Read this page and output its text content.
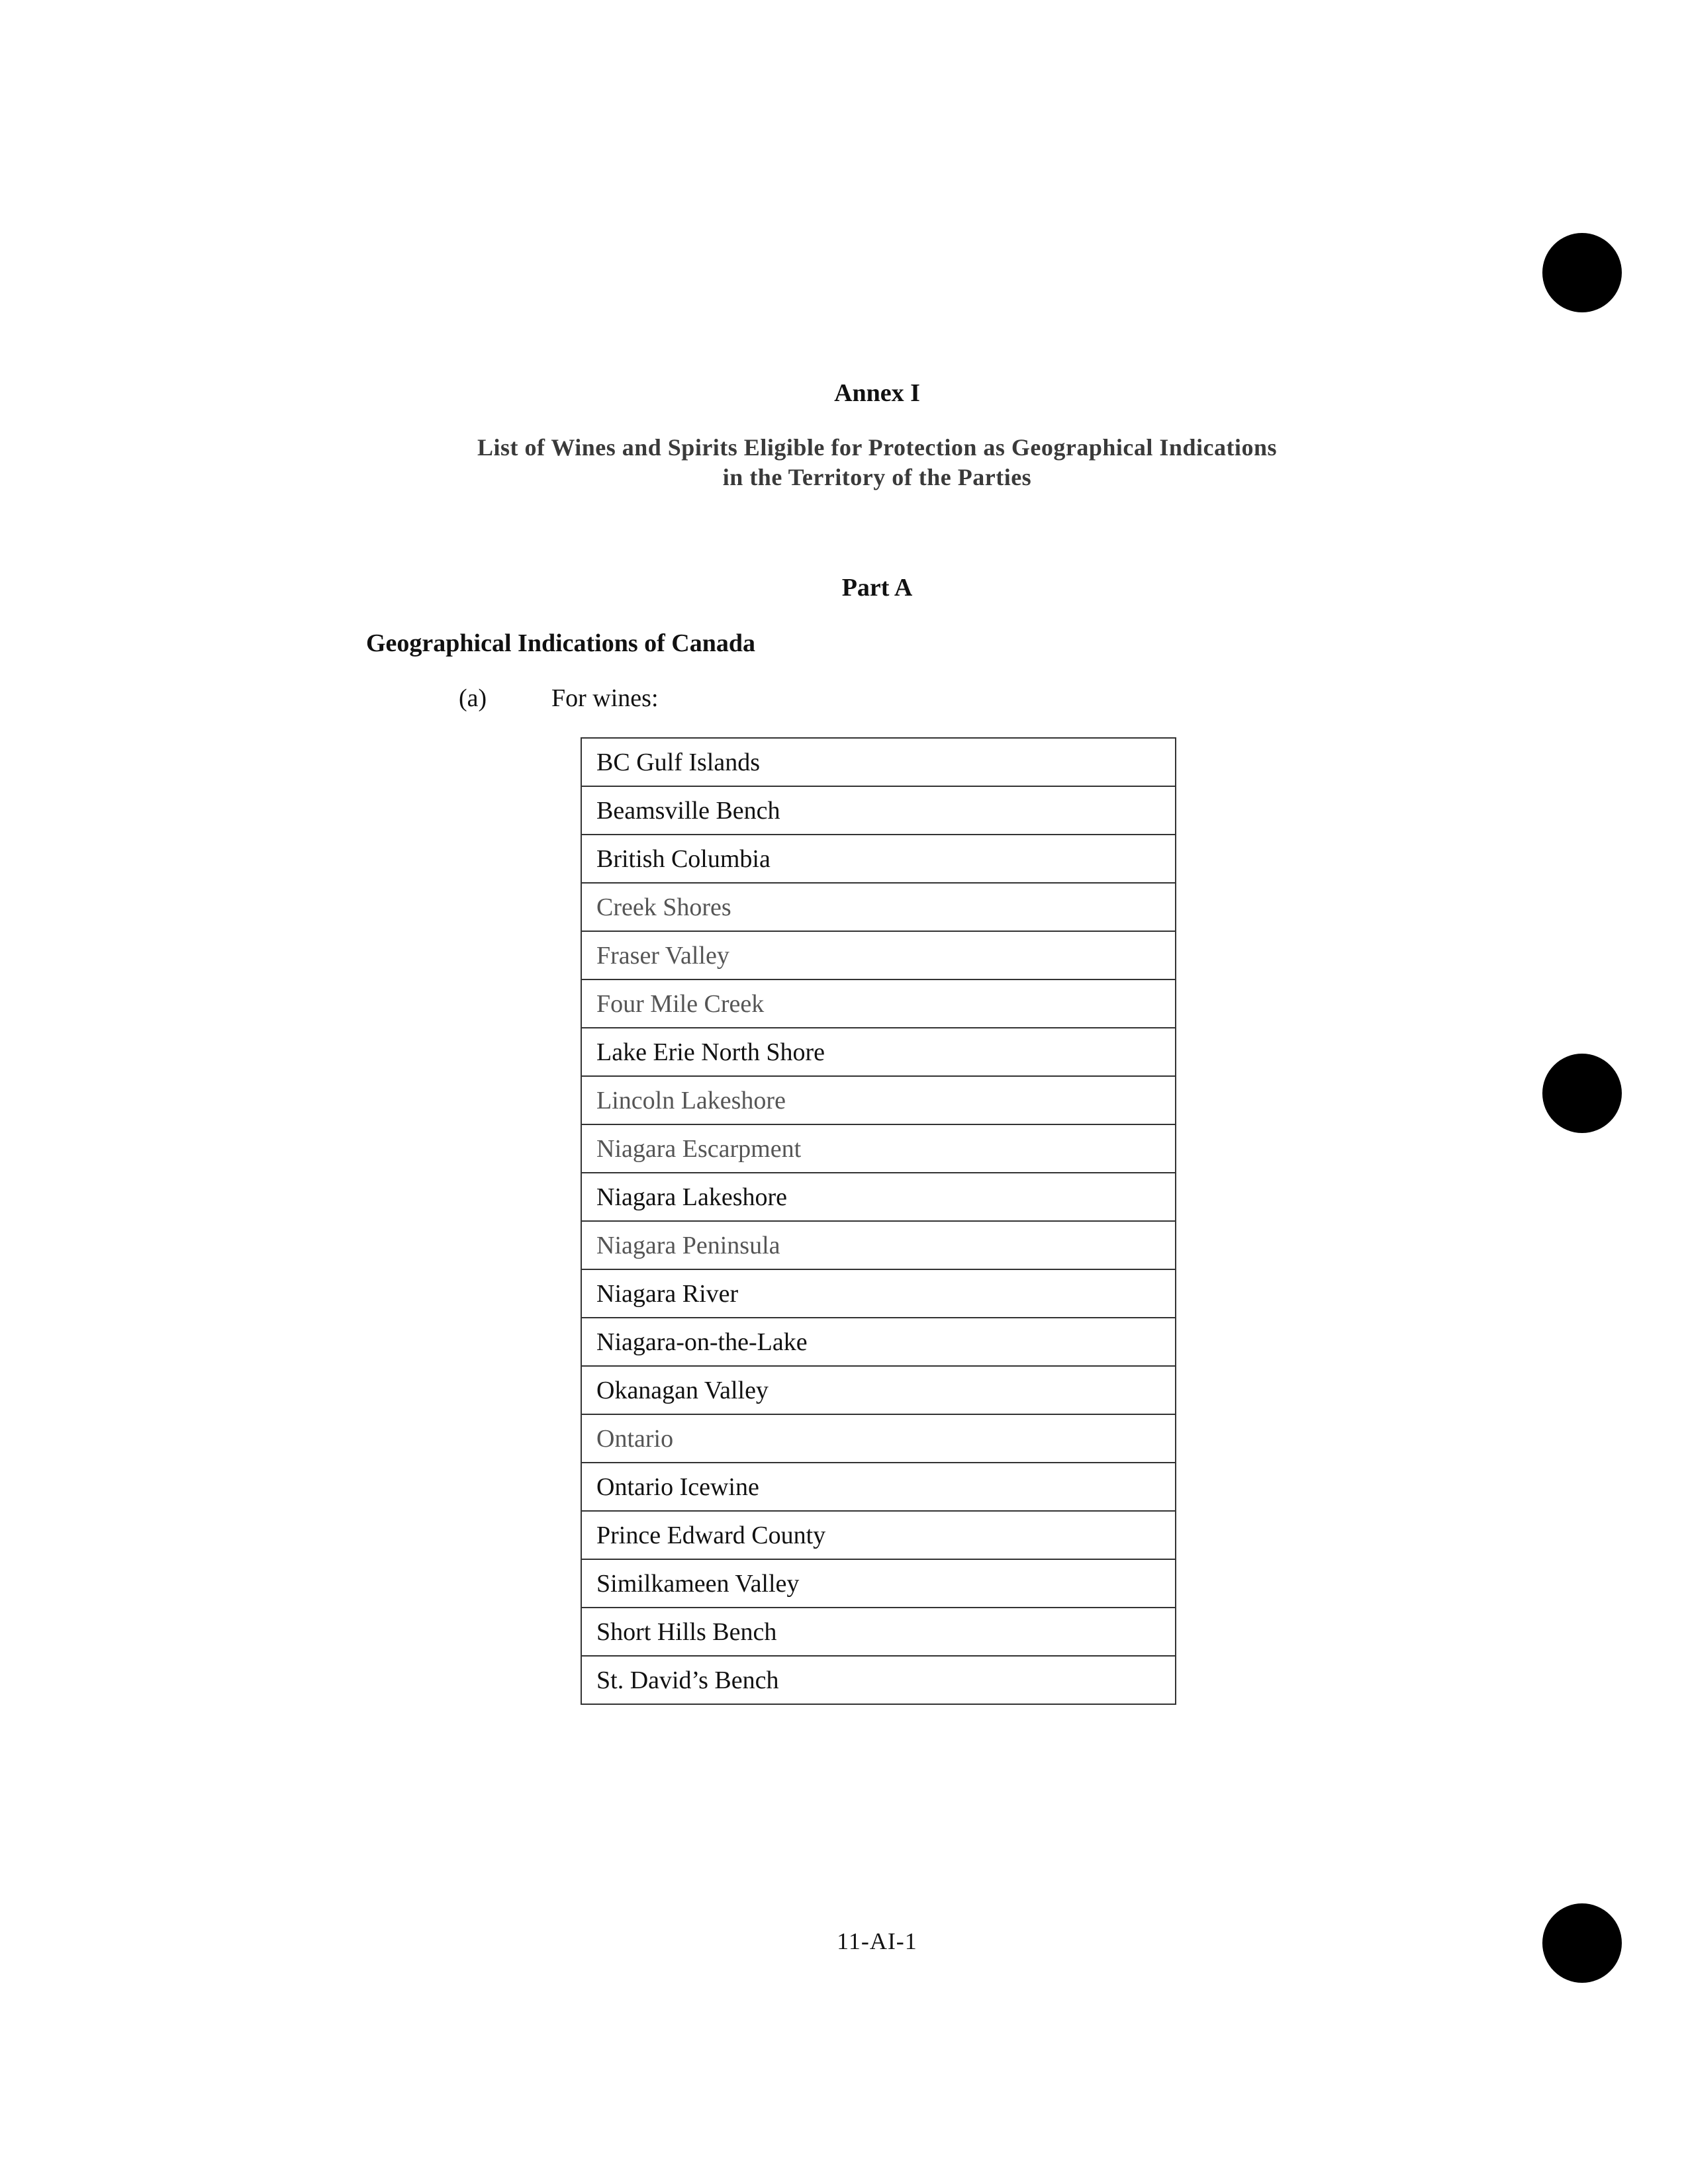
Annex I
List of Wines and Spirits Eligible for Protection as Geographical Indications
in the Territory of the Parties
Part A
Geographical Indications of Canada
(a)	For wines:
BC Gulf Islands
Beamsville Bench
British Columbia
Creek Shores
Fraser Valley
Four Mile Creek
Lake Erie North Shore
Lincoln Lakeshore
Niagara Escarpment
Niagara Lakeshore
Niagara Peninsula
Niagara River
Niagara-on-the-Lake
Okanagan Valley
Ontario
Ontario Icewine
Prince Edward County
Similkameen Valley
Short Hills Bench
St. David’s Bench
11-AI-1
